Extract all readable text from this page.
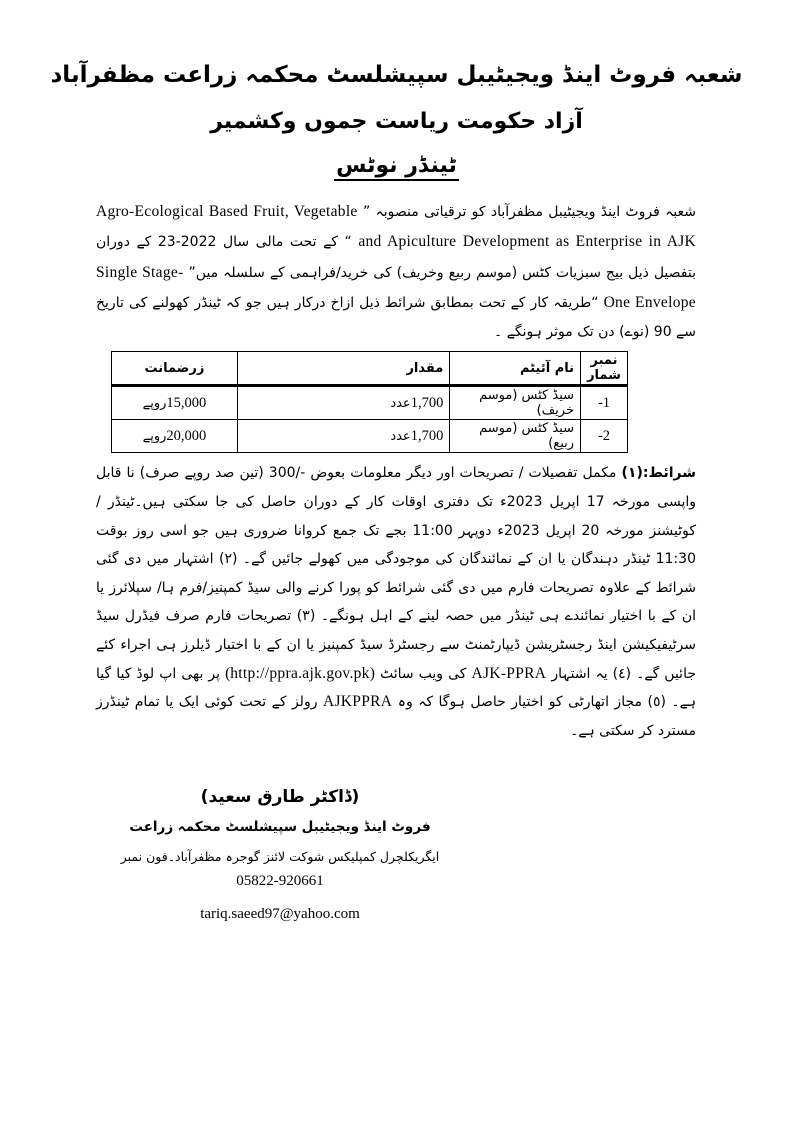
شعبہ فروٹ اینڈ ویجیٹیبل سپیشلسٹ محکمہ زراعت مظفرآباد
آزاد حکومت ریاست جموں وکشمیر
ٹینڈر نوٹس
شعبہ فروٹ اینڈ ویجیٹیبل مظفرآباد کو ترقیاتی منصوبہ ” Agro-Ecological Based Fruit, Vegetable and Apiculture Development as Enterprise in AJK “ کے تحت مالی سال 2022-23 کے دوران بتفصیل ذیل بیج سبزیات کٹس (موسم ربیع وخریف) کی خرید/فراہمی کے سلسلہ میں” Single Stage-One Envelope “طریقہ کار کے تحت بمطابق شرائط ذیل ازاخ درکار ہیں جو کہ ٹینڈر کھولنے کی تاریخ سے 90 (نوے) دن تک موثر ہونگے ۔
نمبر شمار	نام آئیٹم	مقدار	زرضمانت
-1	سیڈ کٹس (موسم خریف)	1,700عدد	15,000روپے
-2	سیڈ کٹس (موسم ربیع)	1,700عدد	20,000روپے
شرائط:(١) مکمل تفصیلات / تصریحات اور دیگر معلومات بعوض -/300 (تین صد روپے صرف) نا قابل واپسی مورخہ 17 اپریل 2023ء تک دفتری اوقات کار کے دوران حاصل کی جا سکتی ہیں۔ٹینڈر / کوٹیشنز مورخہ 20 اپریل 2023ء دوپہر 11:00 بجے تک جمع کروانا ضروری ہیں جو اسی روز بوقت 11:30 ٹینڈر دہندگان یا ان کے نمائندگان کی موجودگی میں کھولے جائیں گے۔ (٢) اشتہار میں دی گئی شرائط کے علاوہ تصریحات فارم میں دی گئی شرائط کو پورا کرنے والی سیڈ کمپنیز/فرم ہا/ سپلائرز یا ان کے با اختیار نمائندے ہی ٹینڈر میں حصہ لینے کے اہل ہونگے۔ (٣) تصریحات فارم صرف فیڈرل سیڈ سرٹیفیکیشن اینڈ رجسٹریشن ڈیپارٹمنٹ سے رجسٹرڈ سیڈ کمپنیز یا ان کے با اختیار ڈیلرز ہی اجراء کئے جائیں گے۔ (٤) یہ اشتہار AJK-PPRA کی ویب سائٹ (http://ppra.ajk.gov.pk) پر بھی اپ لوڈ کیا گیا ہے۔ (٥) مجاز اتھارٹی کو اختیار حاصل ہوگا کہ وہ AJKPPRA رولز کے تحت کوئی ایک یا تمام ٹینڈرز مسترد کر سکتی ہے۔
(ڈاکٹر طارق سعید)
فروٹ اینڈ ویجیٹیبل سپیشلسٹ محکمہ زراعت
ایگریکلچرل کمپلیکس شوکت لائنز گوجرہ مظفرآباد۔فون نمبر 05822-920661
tariq.saeed97@yahoo.com
